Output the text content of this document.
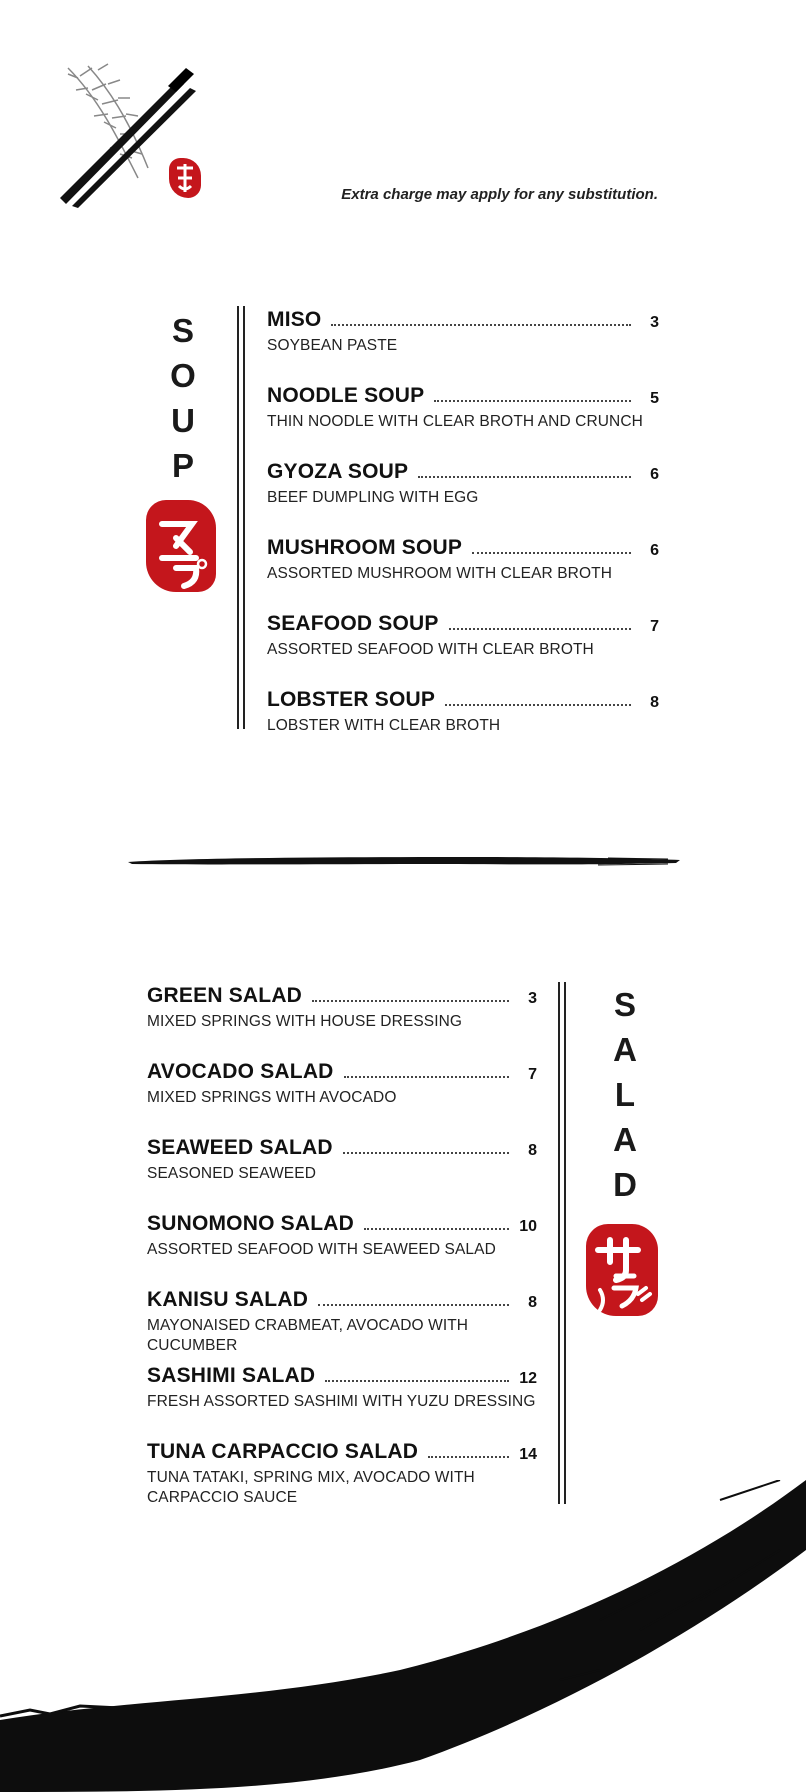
Extra charge may apply for any substitution.
S
O
U
P
MISO	3
SOYBEAN PASTE
NOODLE SOUP	5
THIN NOODLE WITH CLEAR BROTH AND CRUNCH
GYOZA SOUP	6
BEEF DUMPLING WITH EGG
MUSHROOM SOUP	6
ASSORTED MUSHROOM WITH CLEAR BROTH
SEAFOOD SOUP	7
ASSORTED SEAFOOD WITH CLEAR BROTH
LOBSTER SOUP	8
LOBSTER WITH CLEAR BROTH
GREEN SALAD	3
MIXED SPRINGS WITH HOUSE DRESSING
AVOCADO SALAD	7
MIXED SPRINGS WITH AVOCADO
SEAWEED SALAD	8
SEASONED SEAWEED
SUNOMONO SALAD	10
ASSORTED SEAFOOD WITH SEAWEED SALAD
KANISU SALAD	8
MAYONAISED CRABMEAT, AVOCADO WITH CUCUMBER
SASHIMI SALAD	12
FRESH ASSORTED SASHIMI WITH YUZU DRESSING
TUNA CARPACCIO SALAD	14
TUNA TATAKI, SPRING MIX, AVOCADO WITH CARPACCIO SAUCE
S
A
L
A
D
